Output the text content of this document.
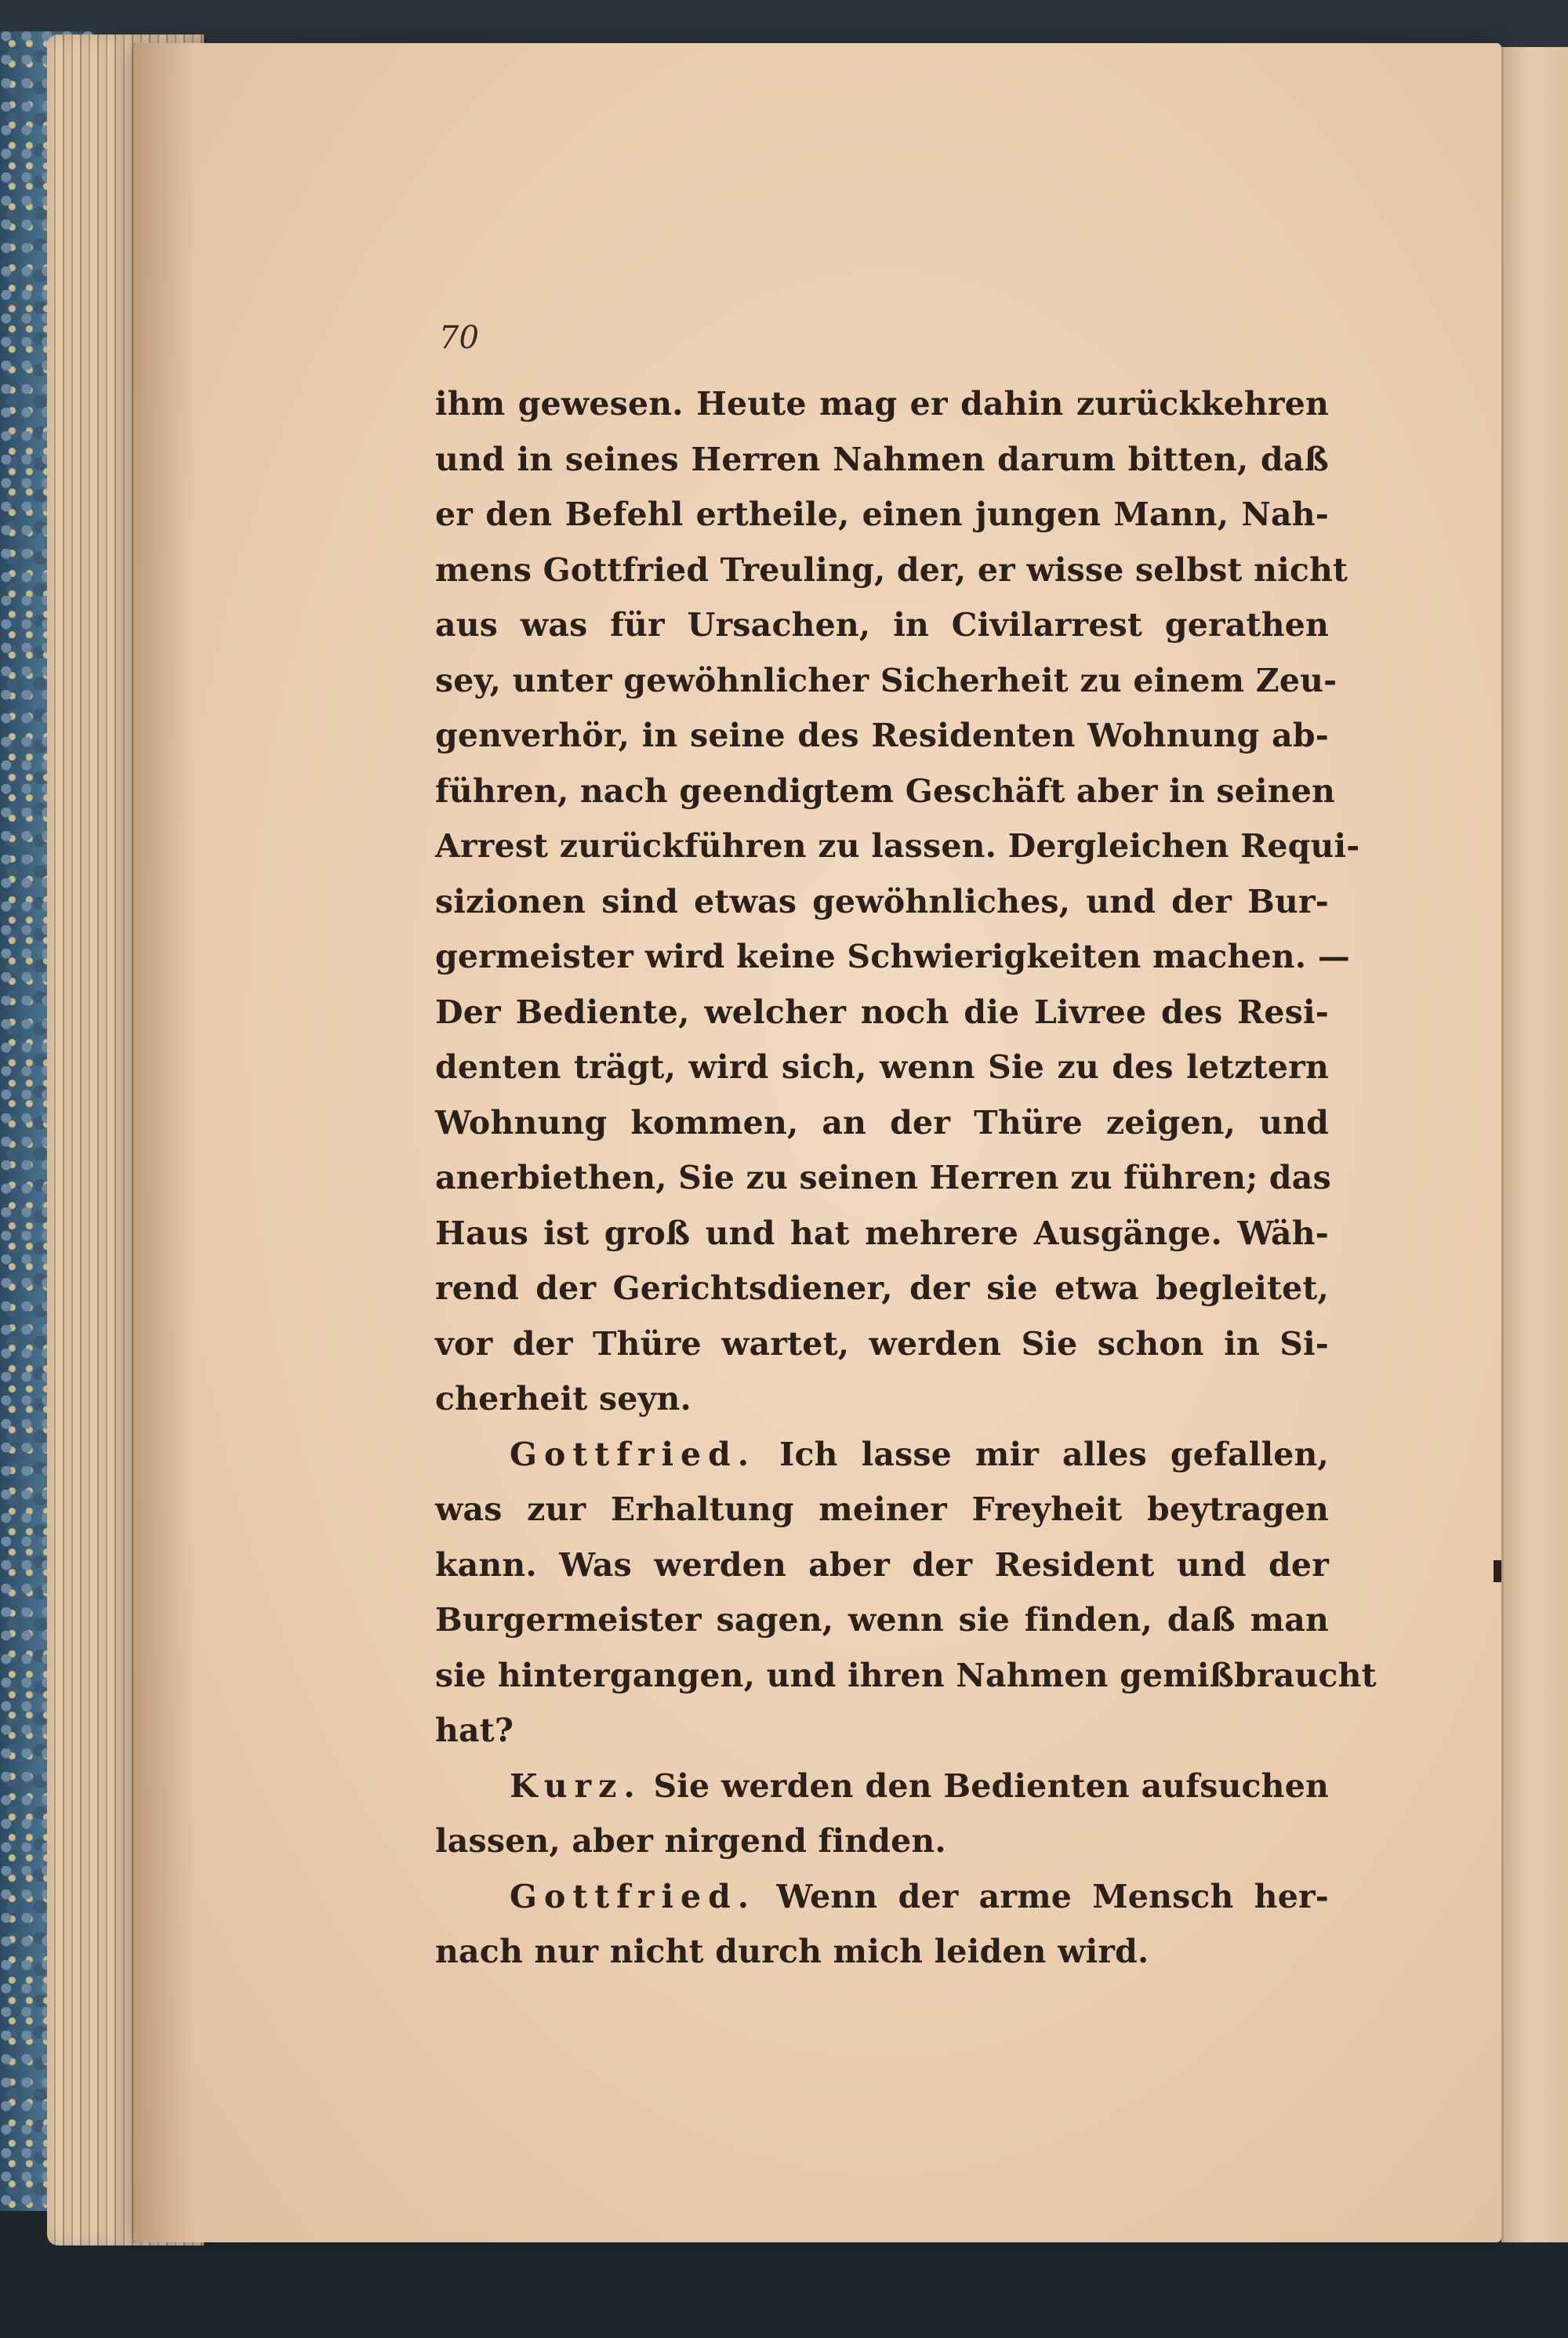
70
ihm gewesen. Heute mag er dahin zurückkehren
und in seines Herren Nahmen darum bitten, daß
er den Befehl ertheile, einen jungen Mann, Nah-
mens Gottfried Treuling, der, er wisse selbst nicht
aus was für Ursachen, in Civilarrest gerathen
sey, unter gewöhnlicher Sicherheit zu einem Zeu-
genverhör, in seine des Residenten Wohnung ab-
führen, nach geendigtem Geschäft aber in seinen
Arrest zurückführen zu lassen. Dergleichen Requi-
sizionen sind etwas gewöhnliches, und der Bur-
germeister wird keine Schwierigkeiten machen. —
Der Bediente, welcher noch die Livree des Resi-
denten trägt, wird sich, wenn Sie zu des letztern
Wohnung kommen, an der Thüre zeigen, und
anerbiethen, Sie zu seinen Herren zu führen; das
Haus ist groß und hat mehrere Ausgänge. Wäh-
rend der Gerichtsdiener, der sie etwa begleitet,
vor der Thüre wartet, werden Sie schon in Si-
cherheit seyn.
Gottfried. Ich lasse mir alles gefallen,
was zur Erhaltung meiner Freyheit beytragen
kann. Was werden aber der Resident und der
Burgermeister sagen, wenn sie finden, daß man
sie hintergangen, und ihren Nahmen gemißbraucht
hat?
Kurz. Sie werden den Bedienten aufsuchen
lassen, aber nirgend finden.
Gottfried. Wenn der arme Mensch her-
nach nur nicht durch mich leiden wird.
